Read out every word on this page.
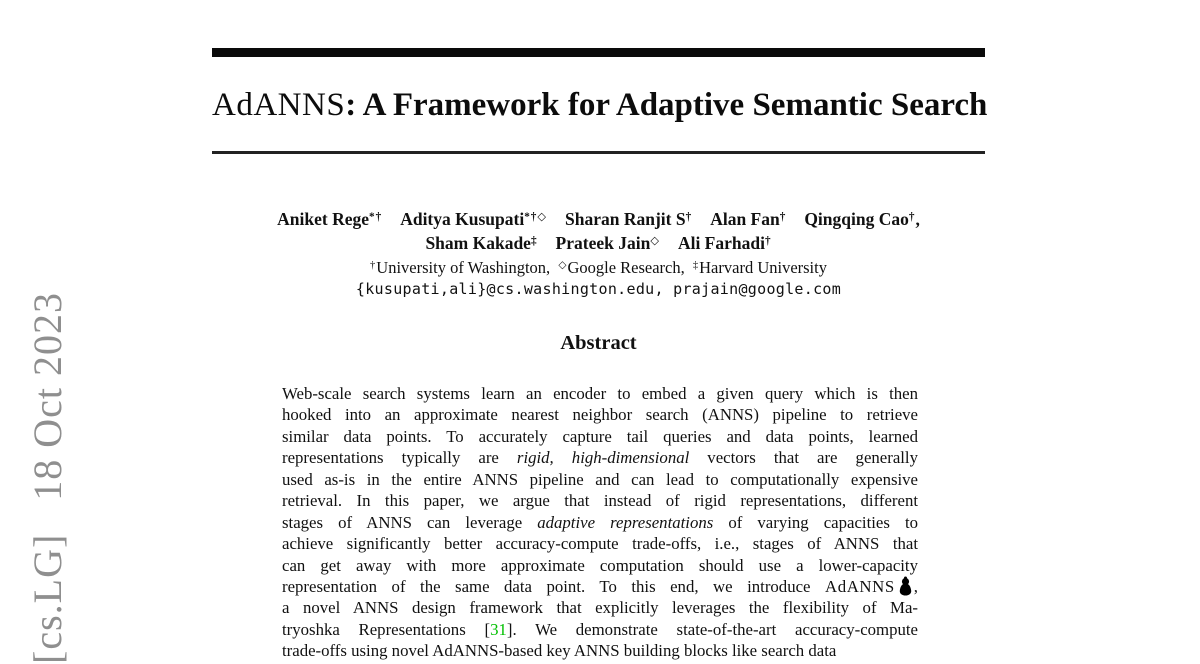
[cs.LG]   18 Oct 2023
AdANNS: A Framework for Adaptive Semantic Search
Aniket Rege*† Aditya Kusupati*†◇ Sharan Ranjit S† Alan Fan† Qingqing Cao†,
Sham Kakade‡ Prateek Jain◇ Ali Farhadi†
†University of Washington, ◇Google Research, ‡Harvard University
{kusupati,ali}@cs.washington.edu, prajain@google.com
Abstract
Web-scale search systems learn an encoder to embed a given query which is then
hooked into an approximate nearest neighbor search (ANNS) pipeline to retrieve
similar data points. To accurately capture tail queries and data points, learned
representations typically are rigid, high-dimensional vectors that are generally
used as-is in the entire ANNS pipeline and can lead to computationally expensive
retrieval. In this paper, we argue that instead of rigid representations, different
stages of ANNS can leverage adaptive representations of varying capacities to
achieve significantly better accuracy-compute trade-offs, i.e., stages of ANNS that
can get away with more approximate computation should use a lower-capacity
representation of the same data point. To this end, we introduce AdANNS ,
a novel ANNS design framework that explicitly leverages the flexibility of Ma-
tryoshka Representations [31]. We demonstrate state-of-the-art accuracy-compute
trade-offs using novel AdANNS-based key ANNS building blocks like search data
